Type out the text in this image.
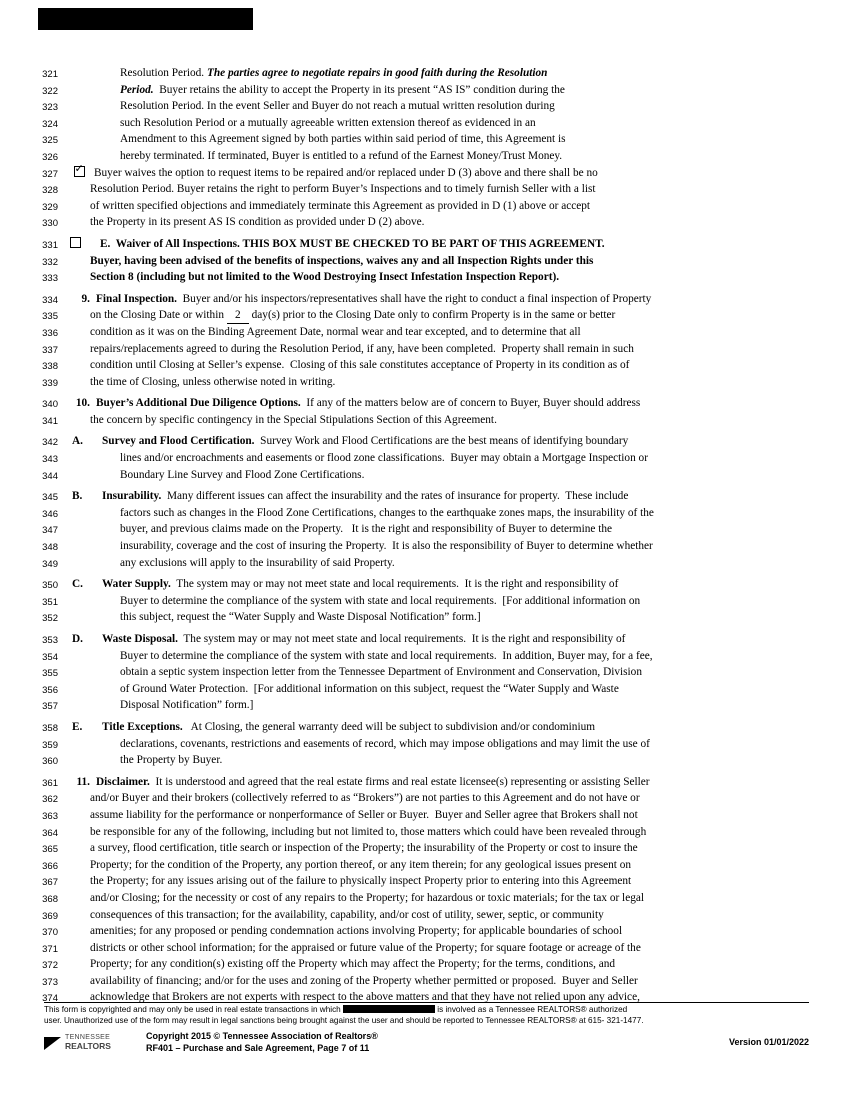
321	Resolution Period. The parties agree to negotiate repairs in good faith during the Resolution
322	Period.  Buyer retains the ability to accept the Property in its present “AS IS” condition during the
323	Resolution Period. In the event Seller and Buyer do not reach a mutual written resolution during
324	such Resolution Period or a mutually agreeable written extension thereof as evidenced in an
325	Amendment to this Agreement signed by both parties within said period of time, this Agreement is
326	hereby terminated. If terminated, Buyer is entitled to a refund of the Earnest Money/Trust Money.
327 ✓	Buyer waives the option to request items to be repaired and/or replaced under D (3) above and there shall be no
328	Resolution Period. Buyer retains the right to perform Buyer’s Inspections and to timely furnish Seller with a list
329	of written specified objections and immediately terminate this Agreement as provided in D (1) above or accept
330	the Property in its present AS IS condition as provided under D (2) above.
331	E.  Waiver of All Inspections. THIS BOX MUST BE CHECKED TO BE PART OF THIS AGREEMENT.
332	Buyer, having been advised of the benefits of inspections, waives any and all Inspection Rights under this
333	Section 8 (including but not limited to the Wood Destroying Insect Infestation Inspection Report).
334	9. Final Inspection.  Buyer and/or his inspectors/representatives shall have the right to conduct a final inspection of Property
335	on the Closing Date or within 2 day(s) prior to the Closing Date only to confirm Property is in the same or better
336	condition as it was on the Binding Agreement Date, normal wear and tear excepted, and to determine that all
337	repairs/replacements agreed to during the Resolution Period, if any, have been completed.  Property shall remain in such
338	condition until Closing at Seller’s expense.  Closing of this sale constitutes acceptance of Property in its condition as of
339	the time of Closing, unless otherwise noted in writing.
340	10. Buyer’s Additional Due Diligence Options.  If any of the matters below are of concern to Buyer, Buyer should address
341	the concern by specific contingency in the Special Stipulations Section of this Agreement.
342	A.	Survey and Flood Certification.  Survey Work and Flood Certifications are the best means of identifying boundary
343	lines and/or encroachments and easements or flood zone classifications.  Buyer may obtain a Mortgage Inspection or
344	Boundary Line Survey and Flood Zone Certifications.
345	B.	Insurability.  Many different issues can affect the insurability and the rates of insurance for property.  These include
346	factors such as changes in the Flood Zone Certifications, changes to the earthquake zones maps, the insurability of the
347	buyer, and previous claims made on the Property.   It is the right and responsibility of Buyer to determine the
348	insurability, coverage and the cost of insuring the Property.  It is also the responsibility of Buyer to determine whether
349	any exclusions will apply to the insurability of said Property.
350	C.	Water Supply.  The system may or may not meet state and local requirements.  It is the right and responsibility of
351	Buyer to determine the compliance of the system with state and local requirements.  [For additional information on
352	this subject, request the “Water Supply and Waste Disposal Notification” form.]
353	D.	Waste Disposal.  The system may or may not meet state and local requirements.  It is the right and responsibility of
354	Buyer to determine the compliance of the system with state and local requirements.  In addition, Buyer may, for a fee,
355	obtain a septic system inspection letter from the Tennessee Department of Environment and Conservation, Division
356	of Ground Water Protection.  [For additional information on this subject, request the “Water Supply and Waste
357	Disposal Notification” form.]
358	E.	Title Exceptions.   At Closing, the general warranty deed will be subject to subdivision and/or condominium
359	declarations, covenants, restrictions and easements of record, which may impose obligations and may limit the use of
360	the Property by Buyer.
361	11. Disclaimer.  It is understood and agreed that the real estate firms and real estate licensee(s) representing or assisting Seller
362	and/or Buyer and their brokers (collectively referred to as “Brokers”) are not parties to this Agreement and do not have or
363	assume liability for the performance or nonperformance of Seller or Buyer.  Buyer and Seller agree that Brokers shall not
364	be responsible for any of the following, including but not limited to, those matters which could have been revealed through
365	a survey, flood certification, title search or inspection of the Property; the insurability of the Property or cost to insure the
366	Property; for the condition of the Property, any portion thereof, or any item therein; for any geological issues present on
367	the Property; for any issues arising out of the failure to physically inspect Property prior to entering into this Agreement
368	and/or Closing; for the necessity or cost of any repairs to the Property; for hazardous or toxic materials; for the tax or legal
369	consequences of this transaction; for the availability, capability, and/or cost of utility, sewer, septic, or community
370	amenities; for any proposed or pending condemnation actions involving Property; for applicable boundaries of school
371	districts or other school information; for the appraised or future value of the Property; for square footage or acreage of the
372	Property; for any condition(s) existing off the Property which may affect the Property; for the terms, conditions, and
373	availability of financing; and/or for the uses and zoning of the Property whether permitted or proposed.  Buyer and Seller
374	acknowledge that Brokers are not experts with respect to the above matters and that they have not relied upon any advice,
This form is copyrighted and may only be used in real estate transactions in which	is involved as a Tennessee REALTORS® authorized
user. Unauthorized use of the form may result in legal sanctions being brought against the user and should be reported to Tennessee REALTORS® at 615- 321-1477.
TENNESSEE
REALTORS
Copyright 2015 © Tennessee Association of Realtors®
RF401 – Purchase and Sale Agreement, Page 7 of 11
Version 01/01/2022
